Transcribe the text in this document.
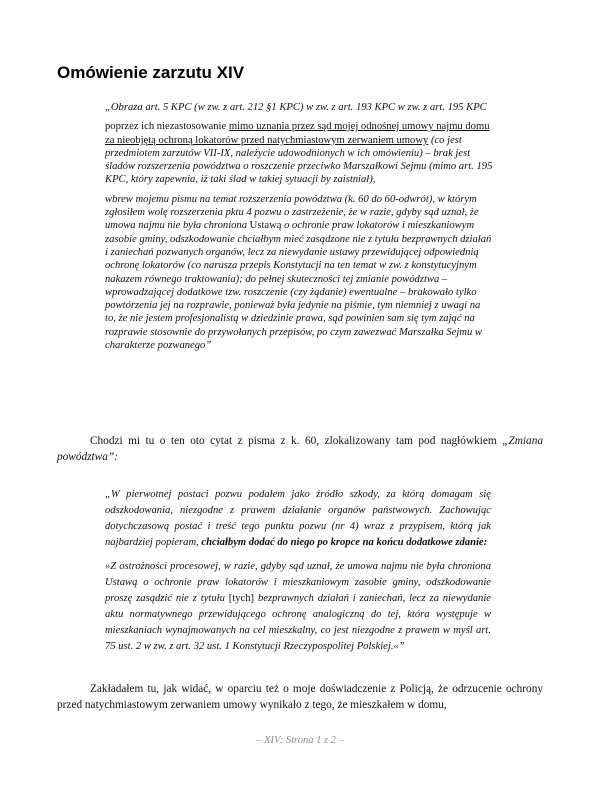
Omówienie zarzutu XIV

„Obraza art. 5 KPC (w zw. z art. 212 §1 KPC) w zw. z art. 193 KPC w zw. z art. 195 KPC

poprzez ich niezastosowanie mimo uznania przez sąd mojej odnośnej umowy najmu domu za nieobjętą ochroną lokatorów przed natychmiastowym zerwaniem umowy (co jest przedmiotem zarzutów VII-IX, należycie udowodnionych w ich omówieniu) – brak jest śladów rozszerzenia powództwa o roszczenie przeciwko Marszałkowi Sejmu (mimo art. 195 KPC, który zapewnia, iż taki ślad w takiej sytuacji by zaistniał),

wbrew mojemu pismu na temat rozszerzenia powództwa (k. 60 do 60-odwrót), w którym zgłosiłem wolę rozszerzenia pktu 4 pozwu o zastrzeżenie, że w razie, gdyby sąd uznał, że umowa najmu nie była chroniona Ustawą o ochronie praw lokatorów i mieszkaniowym zasobie gminy, odszkodowanie chciałbym mieć zasądzone nie z tytułu bezprawnych działań i zaniechań pozwanych organów, lecz za niewydanie ustawy przewidującej odpowiednią ochronę lokatorów (co narusza przepis Konstytucji na ten temat w zw. z konstytucyjnym nakazem równego traktowania); do pełnej skuteczności tej zmianie powództwa – wprowadzającej dodatkowe tzw. roszczenie (czy żądanie) ewentualne – brakowało tylko powtórzenia jej na rozprawie, ponieważ była jedynie na piśmie, tym niemniej z uwagi na to, że nie jestem profesjonalistą w dziedzinie prawa, sąd powinien sam się tym zająć na rozprawie stosownie do przywołanych przepisów, po czym zawezwać Marszałka Sejmu w charakterze pozwanego”

Chodzi mi tu o ten oto cytat z pisma z k. 60, zlokalizowany tam pod nagłówkiem „Zmiana powództwa”:

„W pierwotnej postaci pozwu podałem jako źródło szkody, za którą domagam się odszkodowania, niezgodne z prawem działanie organów państwowych. Zachowując dotychczasową postać i treść tego punktu pozwu (nr 4) wraz z przypisem, którą jak najbardziej popieram, chciałbym dodać do niego po kropce na końcu dodatkowe zdanie:

»Z ostrożności procesowej, w razie, gdyby sąd uznał, że umowa najmu nie była chroniona Ustawą o ochronie praw lokatorów i mieszkaniowym zasobie gminy, odszkodowanie proszę zasądzić nie z tytułu [tych] bezprawnych działań i zaniechań, lecz za niewydanie aktu normatywnego przewidującego ochronę analogiczną do tej, która występuje w mieszkaniach wynajmowanych na cel mieszkalny, co jest niezgodne z prawem w myśl art. 75 ust. 2 w zw. z art. 32 ust. 1 Konstytucji Rzeczypospolitej Polskiej.«”

Zakładałem tu, jak widać, w oparciu też o moje doświadczenie z Policją, że odrzucenie ochrony przed natychmiastowym zerwaniem umowy wynikało z tego, że mieszkałem w domu,

– XIV: Strona 1 z 2 –
